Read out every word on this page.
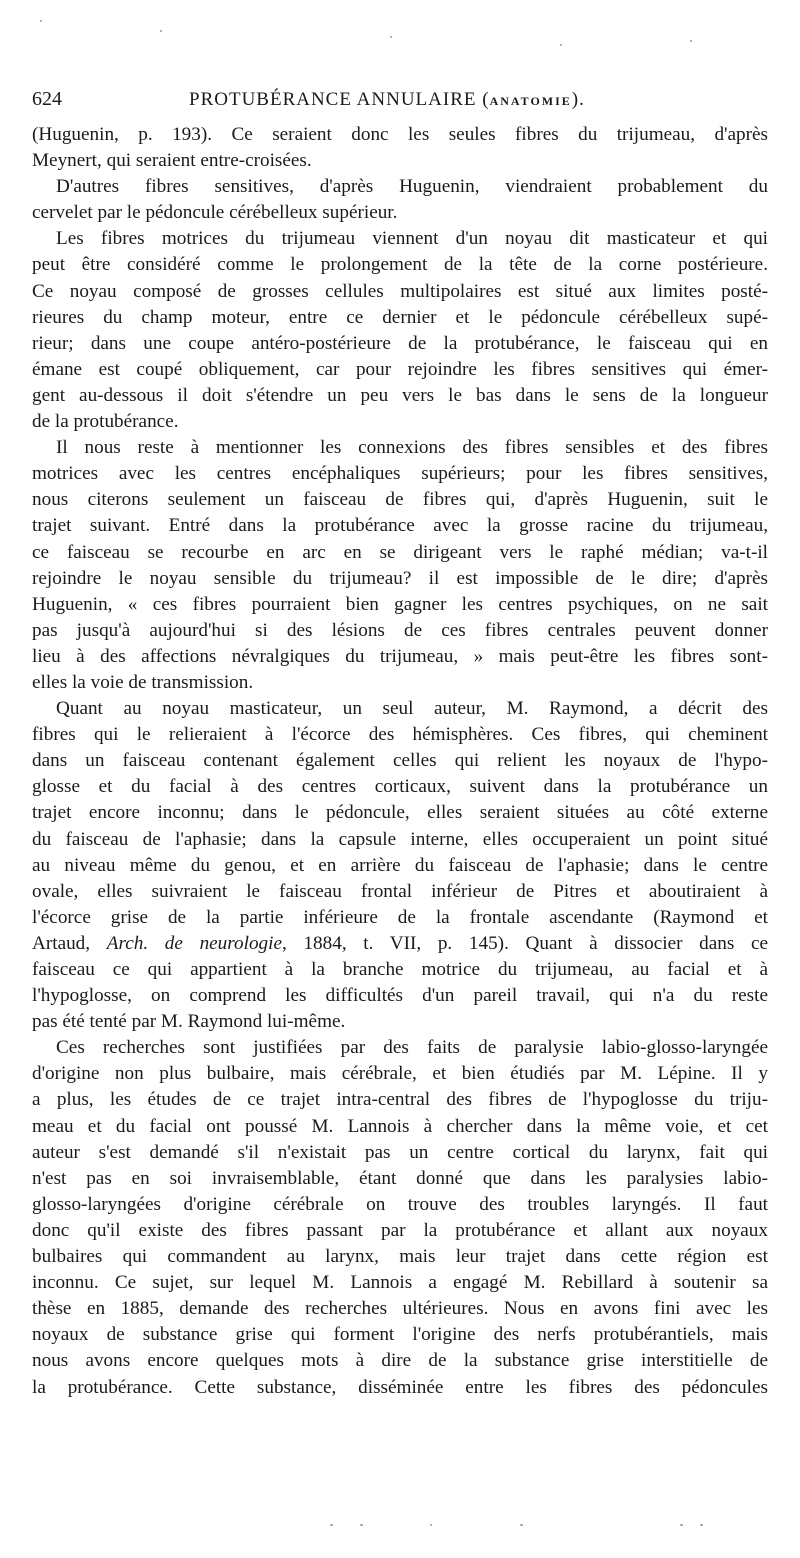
624	PROTUBÉRANCE ANNULAIRE (ANATOMIE).
(Huguenin, p. 193). Ce seraient donc les seules fibres du trijumeau, d'après
Meynert, qui seraient entre-croisées.
D'autres fibres sensitives, d'après Huguenin, viendraient probablement du
cervelet par le pédoncule cérébelleux supérieur.
Les fibres motrices du trijumeau viennent d'un noyau dit masticateur et qui
peut être considéré comme le prolongement de la tête de la corne postérieure.
Ce noyau composé de grosses cellules multipolaires est situé aux limites posté-
rieures du champ moteur, entre ce dernier et le pédoncule cérébelleux supé-
rieur; dans une coupe antéro-postérieure de la protubérance, le faisceau qui en
émane est coupé obliquement, car pour rejoindre les fibres sensitives qui émer-
gent au-dessous il doit s'étendre un peu vers le bas dans le sens de la longueur
de la protubérance.
Il nous reste à mentionner les connexions des fibres sensibles et des fibres
motrices avec les centres encéphaliques supérieurs; pour les fibres sensitives,
nous citerons seulement un faisceau de fibres qui, d'après Huguenin, suit le
trajet suivant. Entré dans la protubérance avec la grosse racine du trijumeau,
ce faisceau se recourbe en arc en se dirigeant vers le raphé médian; va-t-il
rejoindre le noyau sensible du trijumeau? il est impossible de le dire; d'après
Huguenin, « ces fibres pourraient bien gagner les centres psychiques, on ne sait
pas jusqu'à aujourd'hui si des lésions de ces fibres centrales peuvent donner
lieu à des affections névralgiques du trijumeau, » mais peut-être les fibres sont-
elles la voie de transmission.
Quant au noyau masticateur, un seul auteur, M. Raymond, a décrit des
fibres qui le relieraient à l'écorce des hémisphères. Ces fibres, qui cheminent
dans un faisceau contenant également celles qui relient les noyaux de l'hypo-
glosse et du facial à des centres corticaux, suivent dans la protubérance un
trajet encore inconnu; dans le pédoncule, elles seraient situées au côté externe
du faisceau de l'aphasie; dans la capsule interne, elles occuperaient un point situé
au niveau même du genou, et en arrière du faisceau de l'aphasie; dans le centre
ovale, elles suivraient le faisceau frontal inférieur de Pitres et aboutiraient à
l'écorce grise de la partie inférieure de la frontale ascendante (Raymond et
Artaud, Arch. de neurologie, 1884, t. VII, p. 145). Quant à dissocier dans ce
faisceau ce qui appartient à la branche motrice du trijumeau, au facial et à
l'hypoglosse, on comprend les difficultés d'un pareil travail, qui n'a du reste
pas été tenté par M. Raymond lui-même.
Ces recherches sont justifiées par des faits de paralysie labio-glosso-laryngée
d'origine non plus bulbaire, mais cérébrale, et bien étudiés par M. Lépine. Il y
a plus, les études de ce trajet intra-central des fibres de l'hypoglosse du triju-
meau et du facial ont poussé M. Lannois à chercher dans la même voie, et cet
auteur s'est demandé s'il n'existait pas un centre cortical du larynx, fait qui
n'est pas en soi invraisemblable, étant donné que dans les paralysies labio-
glosso-laryngées d'origine cérébrale on trouve des troubles laryngés. Il faut
donc qu'il existe des fibres passant par la protubérance et allant aux noyaux
bulbaires qui commandent au larynx, mais leur trajet dans cette région est
inconnu. Ce sujet, sur lequel M. Lannois a engagé M. Rebillard à soutenir sa
thèse en 1885, demande des recherches ultérieures. Nous en avons fini avec les
noyaux de substance grise qui forment l'origine des nerfs protubérantiels, mais
nous avons encore quelques mots à dire de la substance grise interstitielle de
la protubérance. Cette substance, disséminée entre les fibres des pédoncules
